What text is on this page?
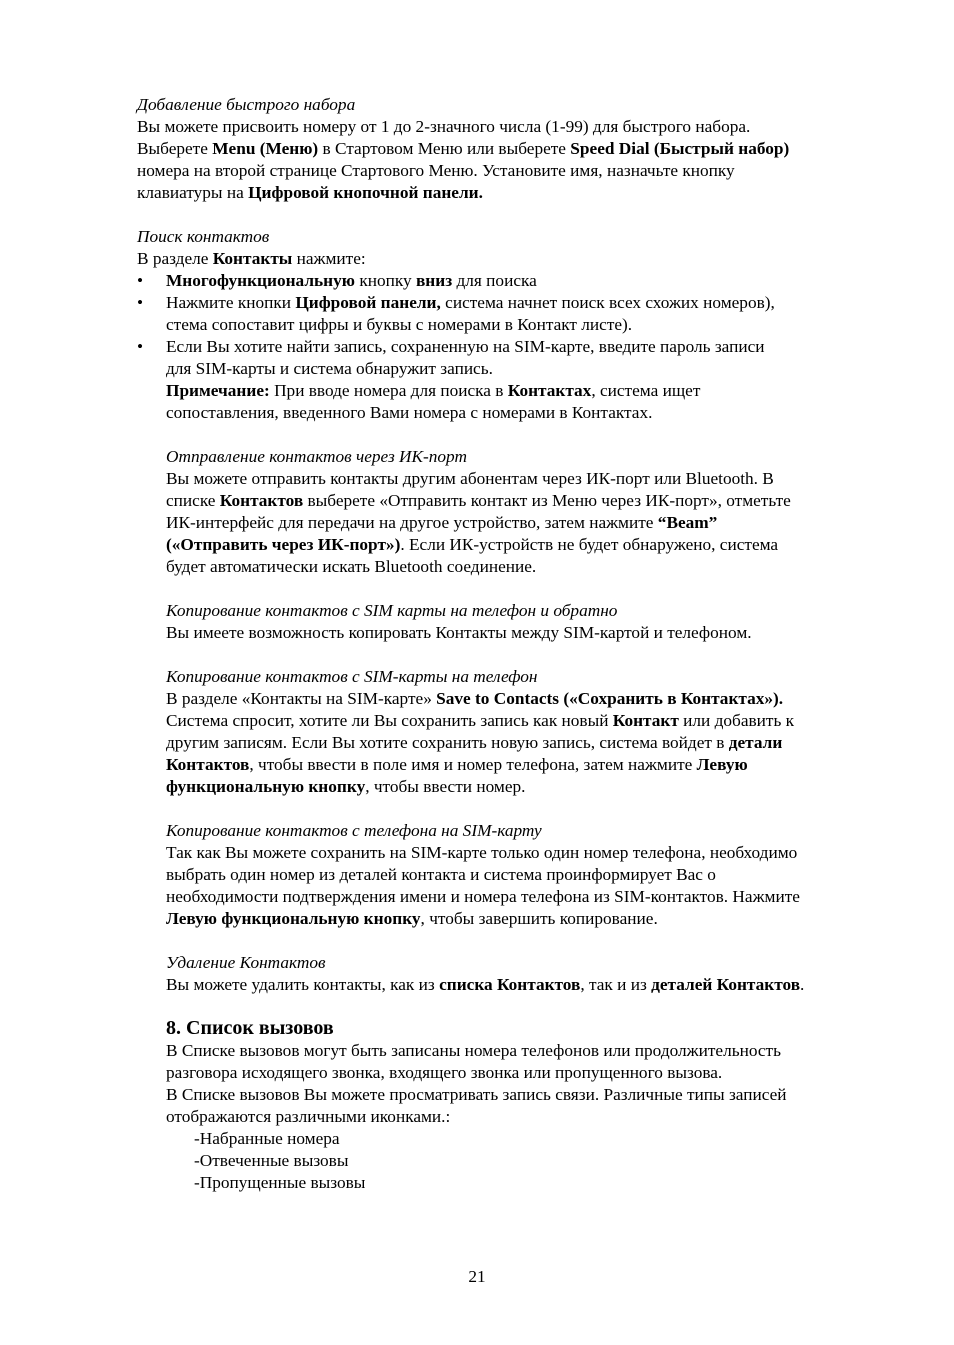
Добавление быстрого набора

Вы можете присвоить номеру от 1 до 2-значного числа (1-99) для быстрого набора.

Выберете Menu (Меню) в Стартовом Меню или выберете Speed Dial (Быстрый набор)

номера на второй странице Стартового Меню. Установите имя, назначьте кнопку

клавиатуры на Цифровой кнопочной панели.

Поиск контактов

В разделе Контакты нажмите:

• Многофункциональную кнопку вниз для поиска
• Нажмите кнопки Цифровой панели, система начнет поиск всех схожих номеров),
стема сопоставит цифры и буквы с номерами в Контакт листе).
• Если Вы хотите найти запись, сохраненную на SIM-карте, введите пароль записи
для SIM-карты и система обнаружит запись.

Примечание: При вводе номера для поиска в Контактах, система ищет

сопоставления, введенного Вами номера с номерами в Контактах.

Отправление контактов через ИК-порт

Вы можете отправить контакты другим абонентам через ИК-порт или Bluetooth. В

списке Контактов выберете «Отправить контакт из Меню через ИК-порт», отметьте

ИК-интерфейс для передачи на другое устройство, затем нажмите “Beam”

(«Отправить через ИК-порт»). Если ИК-устройств не будет обнаружено, система

будет автоматически искать Bluetooth соединение.

Копирование контактов с SIM карты на телефон и обратно

Вы имеете возможность копировать Контакты между SIM-картой и телефоном.

Копирование контактов с SIM-карты на телефон

В разделе «Контакты на SIM-карте» Save to Contacts («Сохранить в Контактах»).

Система спросит, хотите ли Вы сохранить запись как новый Контакт или добавить к

другим записям. Если Вы хотите сохранить новую запись, система войдет в детали

Контактов, чтобы ввести в поле имя и номер телефона, затем нажмите Левую

функциональную кнопку, чтобы ввести номер.

Копирование контактов с телефона на SIM-карту

Так как Вы можете сохранить на SIM-карте только один номер телефона, необходимо

выбрать один номер из деталей контакта и система проинформирует Вас о

необходимости подтверждения имени и номера телефона из SIM-контактов. Нажмите

Левую функциональную кнопку, чтобы завершить копирование.

Удаление Контактов

Вы можете удалить контакты, как из списка Контактов, так и из деталей Контактов.

8. Список вызовов

В Списке вызовов могут быть записаны номера телефонов или продолжительность

разговора исходящего звонка, входящего звонка или пропущенного вызова.

В Списке вызовов Вы можете просматривать запись связи. Различные типы записей

отображаются различными иконками.:

-Набранные номера

-Отвеченные вызовы

-Пропущенные вызовы

21
